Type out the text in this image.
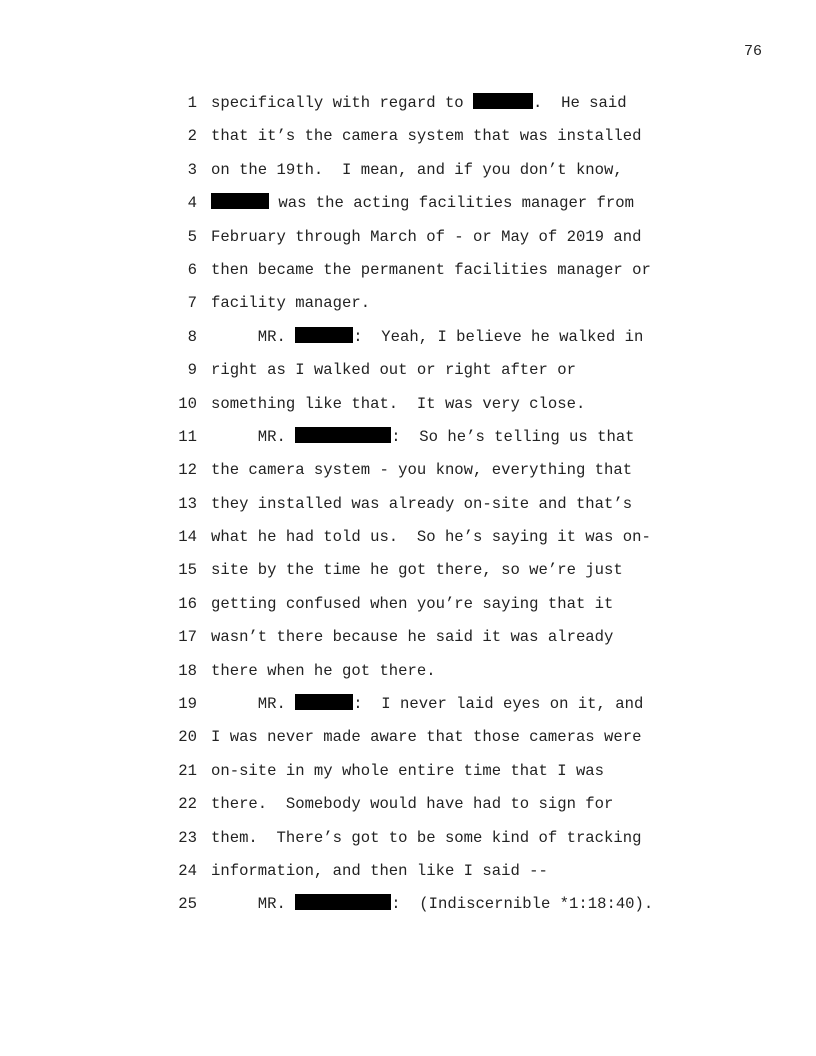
76
1 specifically with regard to	.  He said
2 that it’s the camera system that was installed
3 on the 19th.  I mean, and if you don’t know,
4	was the acting facilities manager from
5 February through March of - or May of 2019 and
6 then became the permanent facilities manager or
7 facility manager.
8 MR.	:  Yeah, I believe he walked in
9 right as I walked out or right after or
10 something like that.  It was very close.
11 MR.	:  So he’s telling us that
12 the camera system - you know, everything that
13 they installed was already on-site and that’s
14 what he had told us.  So he’s saying it was on-
15 site by the time he got there, so we’re just
16 getting confused when you’re saying that it
17 wasn’t there because he said it was already
18 there when he got there.
19 MR.	:  I never laid eyes on it, and
20 I was never made aware that those cameras were
21 on-site in my whole entire time that I was
22 there.  Somebody would have had to sign for
23 them.  There’s got to be some kind of tracking
24 information, and then like I said --
25 MR.	:  (Indiscernible *1:18:40).
